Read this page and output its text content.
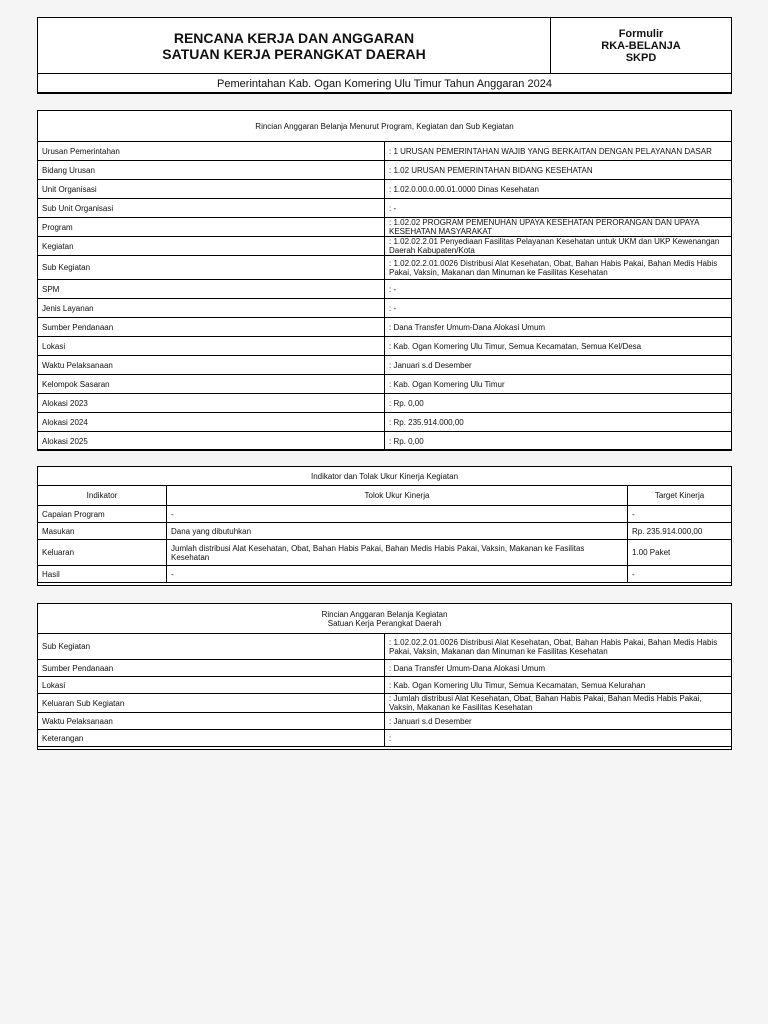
RENCANA KERJA DAN ANGGARAN
SATUAN KERJA PERANGKAT DAERAH

Formulir
RKA-BELANJA
SKPD

Pemerintahan Kab. Ogan Komering Ulu Timur Tahun Anggaran 2024
Rincian Anggaran Belanja Menurut Program, Kegiatan dan Sub Kegiatan	
Urusan Pemerintahan	: 1 URUSAN PEMERINTAHAN WAJIB YANG BERKAITAN DENGAN PELAYANAN DASAR
Bidang Urusan	: 1.02 URUSAN PEMERINTAHAN BIDANG KESEHATAN
Unit Organisasi	: 1.02.0.00.0.00.01.0000 Dinas Kesehatan
Sub Unit Organisasi	: -
Program	: 1.02.02 PROGRAM PEMENUHAN UPAYA KESEHATAN PERORANGAN DAN UPAYA KESEHATAN MASYARAKAT
Kegiatan	: 1.02.02.2.01 Penyediaan Fasilitas Pelayanan Kesehatan untuk UKM dan UKP Kewenangan Daerah Kabupaten/Kota
Sub Kegiatan	: 1.02.02.2.01.0026 Distribusi Alat Kesehatan, Obat, Bahan Habis Pakai, Bahan Medis Habis Pakai, Vaksin, Makanan dan Minuman ke Fasilitas Kesehatan
SPM	: -
Jenis Layanan	: -
Sumber Pendanaan	: Dana Transfer Umum-Dana Alokasi Umum
Lokasi	: Kab. Ogan Komering Ulu Timur, Semua Kecamatan, Semua Kel/Desa
Waktu Pelaksanaan	: Januari s.d Desember
Kelompok Sasaran	: Kab. Ogan Komering Ulu Timur
Alokasi 2023	: Rp. 0,00
Alokasi 2024	: Rp. 235.914.000,00
Alokasi 2025	: Rp. 0,00
Indikator dan Tolak Ukur Kinerja Kegiatan		
Indikator	Tolok Ukur Kinerja	Target Kinerja
Capaian Program	-	-
Masukan	Dana yang dibutuhkan	Rp. 235.914.000,00
Keluaran	Jumlah distribusi Alat Kesehatan, Obat, Bahan Habis Pakai, Bahan Medis Habis Pakai, Vaksin, Makanan ke Fasilitas Kesehatan	1.00 Paket
Hasil	-	-
Rincian Anggaran Belanja Kegiatan
Satuan Kerja Perangkat Daerah	

Sub Kegiatan	: 1.02.02.2.01.0026 Distribusi Alat Kesehatan, Obat, Bahan Habis Pakai, Bahan Medis Habis Pakai, Vaksin, Makanan dan Minuman ke Fasilitas Kesehatan
Sumber Pendanaan	: Dana Transfer Umum-Dana Alokasi Umum
Lokasi	: Kab. Ogan Komering Ulu Timur, Semua Kecamatan, Semua Kelurahan
Keluaran Sub Kegiatan	: Jumlah distribusi Alat Kesehatan, Obat, Bahan Habis Pakai, Bahan Medis Habis Pakai, Vaksin, Makanan ke Fasilitas Kesehatan
Waktu Pelaksanaan	: Januari s.d Desember
Keterangan	:
